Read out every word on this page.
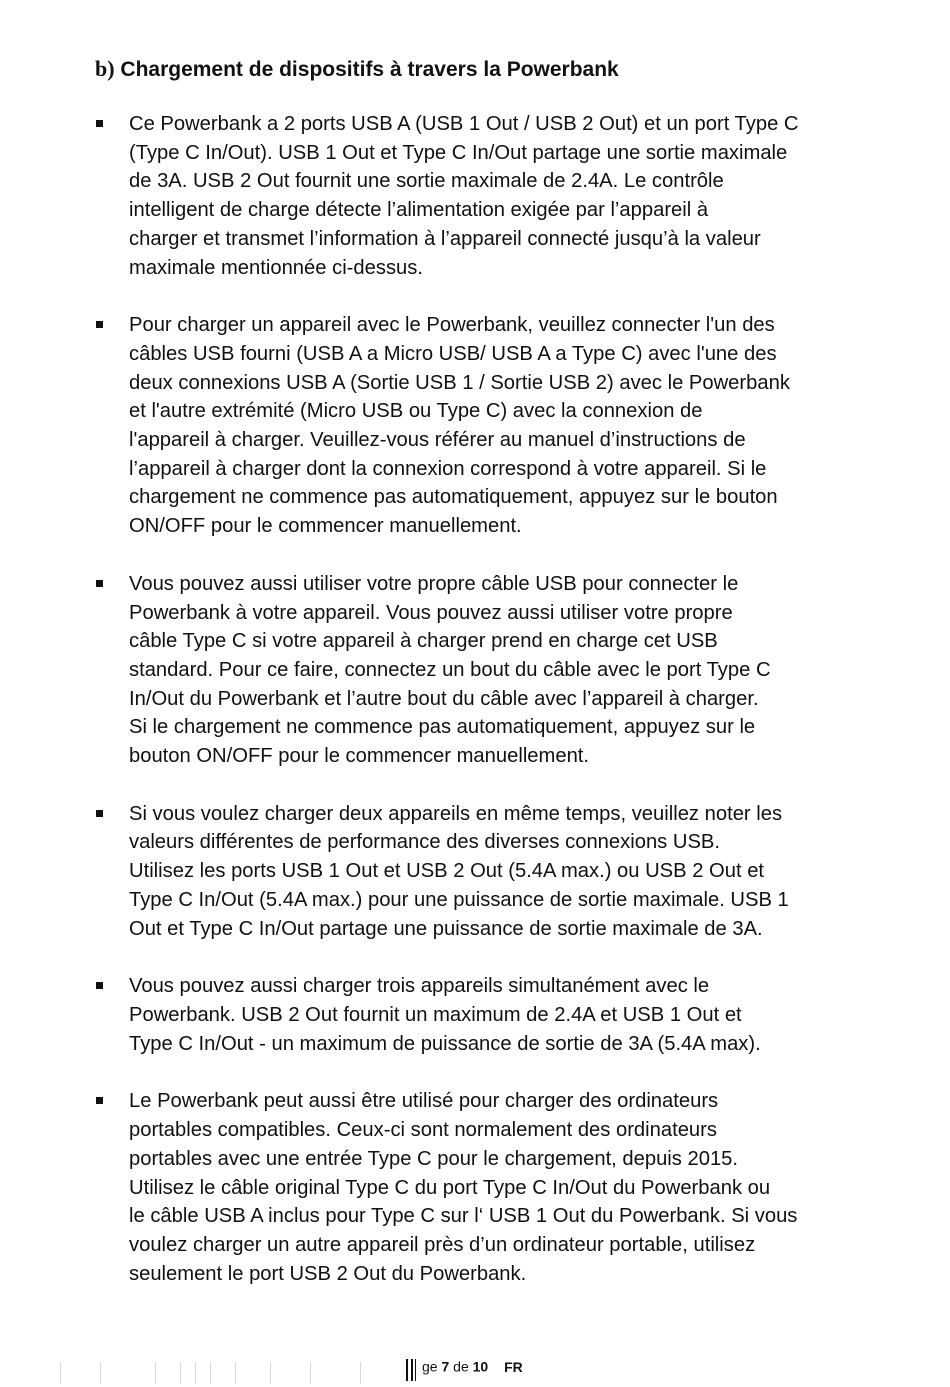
b) Chargement de dispositifs à travers la Powerbank
Ce Powerbank a 2 ports USB A (USB 1 Out / USB 2 Out) et un port Type C
(Type C In/Out). USB 1 Out et Type C In/Out partage une sortie maximale
de 3A. USB 2 Out fournit une sortie maximale de 2.4A. Le contrôle
intelligent de charge détecte l’alimentation exigée par l’appareil à
charger et transmet l’information à l’appareil connecté jusqu’à la valeur
maximale mentionnée ci-dessus.
Pour charger un appareil avec le Powerbank, veuillez connecter l'un des
câbles USB fourni (USB A a Micro USB/ USB A a Type C) avec l'une des
deux connexions USB A (Sortie USB 1 / Sortie USB 2) avec le Powerbank
et l'autre extrémité (Micro USB ou Type C) avec la connexion de
l'appareil à charger. Veuillez-vous référer au manuel d’instructions de
l’appareil à charger dont la connexion correspond à votre appareil. Si le
chargement ne commence pas automatiquement, appuyez sur le bouton
ON/OFF pour le commencer manuellement.
Vous pouvez aussi utiliser votre propre câble USB pour connecter le
Powerbank à votre appareil. Vous pouvez aussi utiliser votre propre
câble Type C si votre appareil à charger prend en charge cet USB
standard. Pour ce faire, connectez un bout du câble avec le port Type C
In/Out du Powerbank et l’autre bout du câble avec l’appareil à charger.
Si le chargement ne commence pas automatiquement, appuyez sur le
bouton ON/OFF pour le commencer manuellement.
Si vous voulez charger deux appareils en même temps, veuillez noter les
valeurs différentes de performance des diverses connexions USB.
Utilisez les ports USB 1 Out et USB 2 Out (5.4A max.) ou USB 2 Out et
Type C In/Out (5.4A max.) pour une puissance de sortie maximale. USB 1
Out et Type C In/Out partage une puissance de sortie maximale de 3A.
Vous pouvez aussi charger trois appareils simultanément avec le
Powerbank. USB 2 Out fournit un maximum de 2.4A et USB 1 Out et
Type C In/Out - un maximum de puissance de sortie de 3A (5.4A max).
Le Powerbank peut aussi être utilisé pour charger des ordinateurs
portables compatibles. Ceux-ci sont normalement des ordinateurs
portables avec une entrée Type C pour le chargement, depuis 2015.
Utilisez le câble original Type C du port Type C In/Out du Powerbank ou
le câble USB A inclus pour Type C sur l‘ USB 1 Out du Powerbank. Si vous
voulez charger un autre appareil près d’un ordinateur portable, utilisez
seulement le port USB 2 Out du Powerbank.
ge 7 de 10 FR
